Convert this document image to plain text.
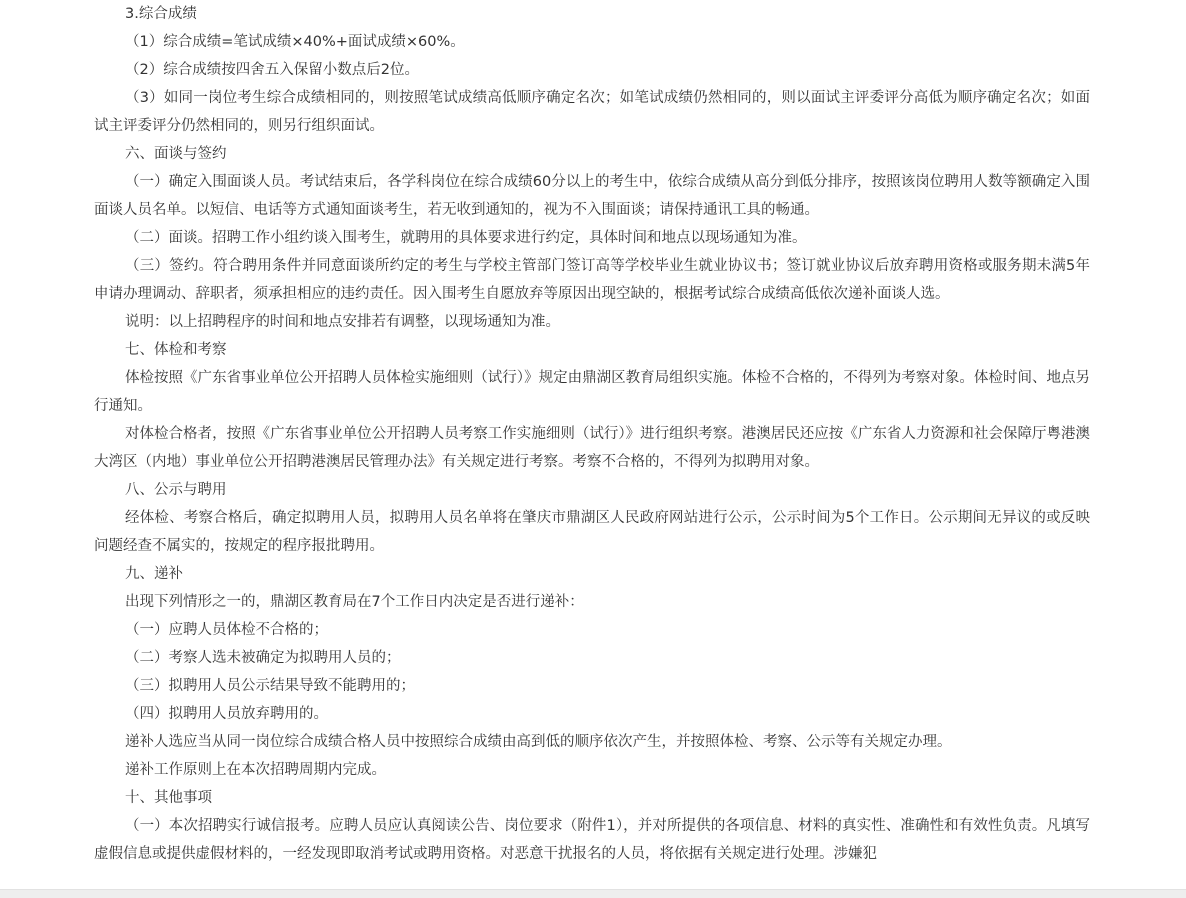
3.综合成绩

（1）综合成绩=笔试成绩×40%+面试成绩×60%。

（2）综合成绩按四舍五入保留小数点后2位。

（3）如同一岗位考生综合成绩相同的，则按照笔试成绩高低顺序确定名次；如笔试成绩仍然相同的，则以面试主评委评分高低为顺序确定名次；如面试主评委评分仍然相同的，则另行组织面试。

六、面谈与签约

（一）确定入围面谈人员。考试结束后，各学科岗位在综合成绩60分以上的考生中，依综合成绩从高分到低分排序，按照该岗位聘用人数等额确定入围面谈人员名单。以短信、电话等方式通知面谈考生，若无收到通知的，视为不入围面谈；请保持通讯工具的畅通。

（二）面谈。招聘工作小组约谈入围考生，就聘用的具体要求进行约定，具体时间和地点以现场通知为准。

（三）签约。符合聘用条件并同意面谈所约定的考生与学校主管部门签订高等学校毕业生就业协议书；签订就业协议后放弃聘用资格或服务期未满5年申请办理调动、辞职者，须承担相应的违约责任。因入围考生自愿放弃等原因出现空缺的，根据考试综合成绩高低依次递补面谈人选。

说明：以上招聘程序的时间和地点安排若有调整，以现场通知为准。

七、体检和考察

体检按照《广东省事业单位公开招聘人员体检实施细则（试行）》规定由鼎湖区教育局组织实施。体检不合格的，不得列为考察对象。体检时间、地点另行通知。

对体检合格者，按照《广东省事业单位公开招聘人员考察工作实施细则（试行）》进行组织考察。港澳居民还应按《广东省人力资源和社会保障厅粤港澳大湾区（内地）事业单位公开招聘港澳居民管理办法》有关规定进行考察。考察不合格的，不得列为拟聘用对象。

八、公示与聘用

经体检、考察合格后，确定拟聘用人员，拟聘用人员名单将在肇庆市鼎湖区人民政府网站进行公示，公示时间为5个工作日。公示期间无异议的或反映问题经查不属实的，按规定的程序报批聘用。

九、递补

出现下列情形之一的，鼎湖区教育局在7个工作日内决定是否进行递补：

（一）应聘人员体检不合格的；

（二）考察人选未被确定为拟聘用人员的；

（三）拟聘用人员公示结果导致不能聘用的；

（四）拟聘用人员放弃聘用的。

递补人选应当从同一岗位综合成绩合格人员中按照综合成绩由高到低的顺序依次产生，并按照体检、考察、公示等有关规定办理。

递补工作原则上在本次招聘周期内完成。

十、其他事项

（一）本次招聘实行诚信报考。应聘人员应认真阅读公告、岗位要求（附件1），并对所提供的各项信息、材料的真实性、准确性和有效性负责。凡填写虚假信息或提供虚假材料的，一经发现即取消考试或聘用资格。对恶意干扰报名的人员，将依据有关规定进行处理。涉嫌犯
